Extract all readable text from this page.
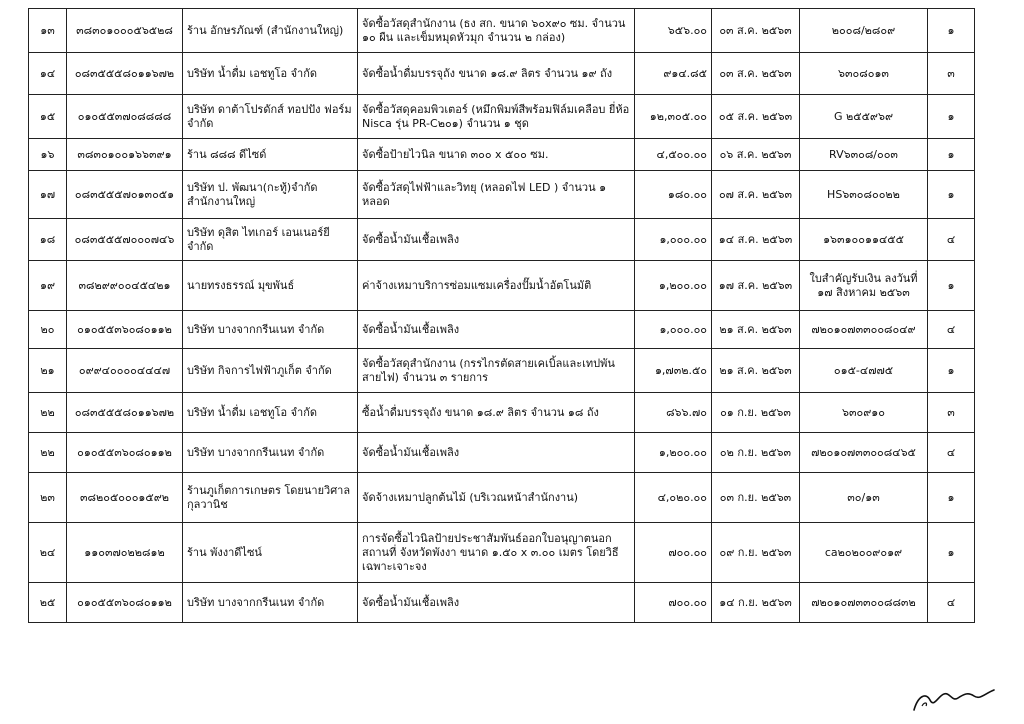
๑๓	๓๘๓๐๑๐๐๐๕๖๕๒๘	ร้าน อักษรภัณฑ์ (สำนักงานใหญ่)	จัดซื้อวัสดุสำนักงาน (ธง สก. ขนาด ๖๐x๙๐ ซม. จำนวน ๑๐ ผืน และเข็มหมุดหัวมุก จำนวน ๒ กล่อง)	๖๕๖.๐๐	๐๓ ส.ค. ๒๕๖๓	๒๐๐๘/๒๘๐๙	๑
๑๔	๐๘๓๕๕๕๘๐๑๑๖๗๒	บริษัท น้ำดื่ม เอชทูโอ จำกัด	จัดซื้อน้ำดื่มบรรจุถัง ขนาด ๑๘.๙ ลิตร จำนวน ๑๙ ถัง	๙๑๔.๘๕	๐๓ ส.ค. ๒๕๖๓	๖๓๐๘๐๑๓	๓
๑๕	๐๑๐๕๕๓๗๐๘๘๘๘	บริษัท ดาต้าโปรดักส์ ทอปปัง ฟอร์ม จำกัด	จัดซื้อวัสดุคอมพิวเตอร์ (หมึกพิมพ์สีพร้อมฟิล์มเคลือบ ยี่ห้อ Nisca รุ่น PR-C๒๐๑) จำนวน ๑ ชุด	๑๒,๓๐๕.๐๐	๐๕ ส.ค. ๒๕๖๓	G ๒๕๕๙๖๙	๑
๑๖	๓๘๓๐๑๐๐๑๖๖๓๙๑	ร้าน ๘๘๘ ดีไซด์	จัดซื้อป้ายไวนิล ขนาด ๓๐๐ x ๕๐๐ ซม.	๔,๕๐๐.๐๐	๐๖ ส.ค. ๒๕๖๓	RV๖๓๐๘/๐๐๓	๑
๑๗	๐๘๓๕๕๕๗๐๑๓๐๕๑	บริษัท ป. พัฒนา(กะทู้)จำกัด สำนักงานใหญ่	จัดซื้อวัสดุไฟฟ้าและวิทยุ (หลอดไฟ LED ) จำนวน ๑ หลอด	๑๘๐.๐๐	๐๗ ส.ค. ๒๕๖๓	HS๖๓๐๘๐๐๒๒	๑
๑๘	๐๘๓๕๕๕๗๐๐๐๗๔๖	บริษัท ดุสิต ไทเกอร์ เอนเนอร์ยี จำกัด	จัดซื้อน้ำมันเชื้อเพลิง	๑,๐๐๐.๐๐	๑๔ ส.ค. ๒๕๖๓	๑๖๓๑๐๐๑๑๔๕๕	๔
๑๙	๓๘๒๙๙๐๐๔๕๔๒๑	นายทรงธรรณ์ มุขพันธ์	ค่าจ้างเหมาบริการซ่อมแซมเครื่องปั๊มน้ำอัตโนมัติ	๑,๒๐๐.๐๐	๑๗ ส.ค. ๒๕๖๓	ใบสำคัญรับเงิน ลงวันที่ ๑๗ สิงหาคม ๒๕๖๓	๑
๒๐	๐๑๐๕๕๓๖๐๘๐๑๑๒	บริษัท บางจากกรีนเนท จำกัด	จัดซื้อน้ำมันเชื้อเพลิง	๑,๐๐๐.๐๐	๒๑ ส.ค. ๒๕๖๓	๗๒๐๑๐๗๓๓๐๐๘๐๔๙	๔
๒๑	๐๙๙๔๐๐๐๐๔๔๔๗	บริษัท กิจการไฟฟ้าภูเก็ต จำกัด	จัดซื้อวัสดุสำนักงาน (กรรไกรตัดสายเคเบิ้ลและเทปพันสายไฟ) จำนวน ๓ รายการ	๑,๗๓๒.๕๐	๒๑ ส.ค. ๒๕๖๓	๐๑๕-๔๗๗๕	๑
๒๒	๐๘๓๕๕๕๘๐๑๑๖๗๒	บริษัท น้ำดื่ม เอชทูโอ จำกัด	ซื้อน้ำดื่มบรรจุถัง ขนาด ๑๘.๙ ลิตร จำนวน ๑๘ ถัง	๘๖๖.๗๐	๐๑ ก.ย. ๒๕๖๓	๖๓๐๙๑๐	๓
๒๒	๐๑๐๕๕๓๖๐๘๐๑๑๒	บริษัท บางจากกรีนเนท จำกัด	จัดซื้อน้ำมันเชื้อเพลิง	๑,๒๐๐.๐๐	๐๒ ก.ย. ๒๕๖๓	๗๒๐๑๐๗๓๓๐๐๘๔๖๕	๔
๒๓	๓๘๒๐๕๐๐๐๑๕๙๒	ร้านภูเก็ตการเกษตร โดยนายวิศาล กุลวานิช	จัดจ้างเหมาปลูกต้นไม้ (บริเวณหน้าสำนักงาน)	๔,๐๒๐.๐๐	๐๓ ก.ย. ๒๕๖๓	๓๐/๑๓	๑
๒๔	๑๑๐๓๗๐๒๒๘๑๒	ร้าน พังงาดีไซน์	การจัดซื้อไวนิลป้ายประชาสัมพันธ์ออกใบอนุญาตนอกสถานที่ จังหวัดพังงา ขนาด ๑.๕๐ x ๓.๐๐ เมตร โดยวิธีเฉพาะเจาะจง	๗๐๐.๐๐	๐๙ ก.ย. ๒๕๖๓	ca๒๐๒๐๐๙๐๑๙	๑
๒๕	๐๑๐๕๕๓๖๐๘๐๑๑๒	บริษัท บางจากกรีนเนท จำกัด	จัดซื้อน้ำมันเชื้อเพลิง	๗๐๐.๐๐	๑๔ ก.ย. ๒๕๖๓	๗๒๐๑๐๗๓๓๐๐๘๘๓๒	๔
